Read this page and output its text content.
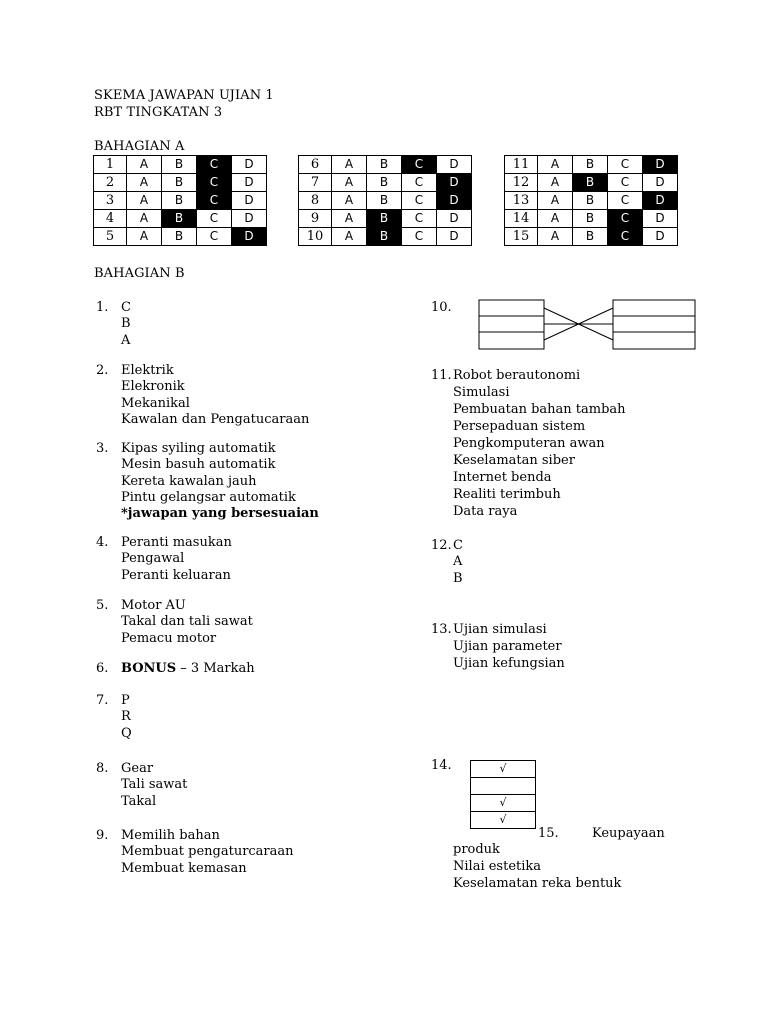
SKEMA JAWAPAN UJIAN 1
RBT TINGKATAN 3
BAHAGIAN A
1	A	B	C	D
2	A	B	C	D
3	A	B	C	D
4	A	B	C	D
5	A	B	C	D
6	A	B	C	D
7	A	B	C	D
8	A	B	C	D
9	A	B	C	D
10	A	B	C	D
11	A	B	C	D
12	A	B	C	D
13	A	B	C	D
14	A	B	C	D
15	A	B	C	D
BAHAGIAN B
1. C
B
A
2. Elektrik
Elekronik
Mekanikal
Kawalan dan Pengatucaraan
3. Kipas syiling automatik
Mesin basuh automatik
Kereta kawalan jauh
Pintu gelangsar automatik
*jawapan yang bersesuaian
4. Peranti masukan
Pengawal
Peranti keluaran
5. Motor AU
Takal dan tali sawat
Pemacu motor
6. BONUS – 3 Markah
7. P
R
Q
8. Gear
Tali sawat
Takal
9. Memilih bahan
Membuat pengaturcaraan
Membuat kemasan
10.
11. Robot berautonomi
Simulasi
Pembuatan bahan tambah
Persepaduan sistem
Pengkomputeran awan
Keselamatan siber
Internet benda
Realiti terimbuh
Data raya
12. C
A
B
13. Ujian simulasi
Ujian parameter
Ujian kefungsian
14.	√

√
√
15.	Keupayaan
produk
Nilai estetika
Keselamatan reka bentuk
